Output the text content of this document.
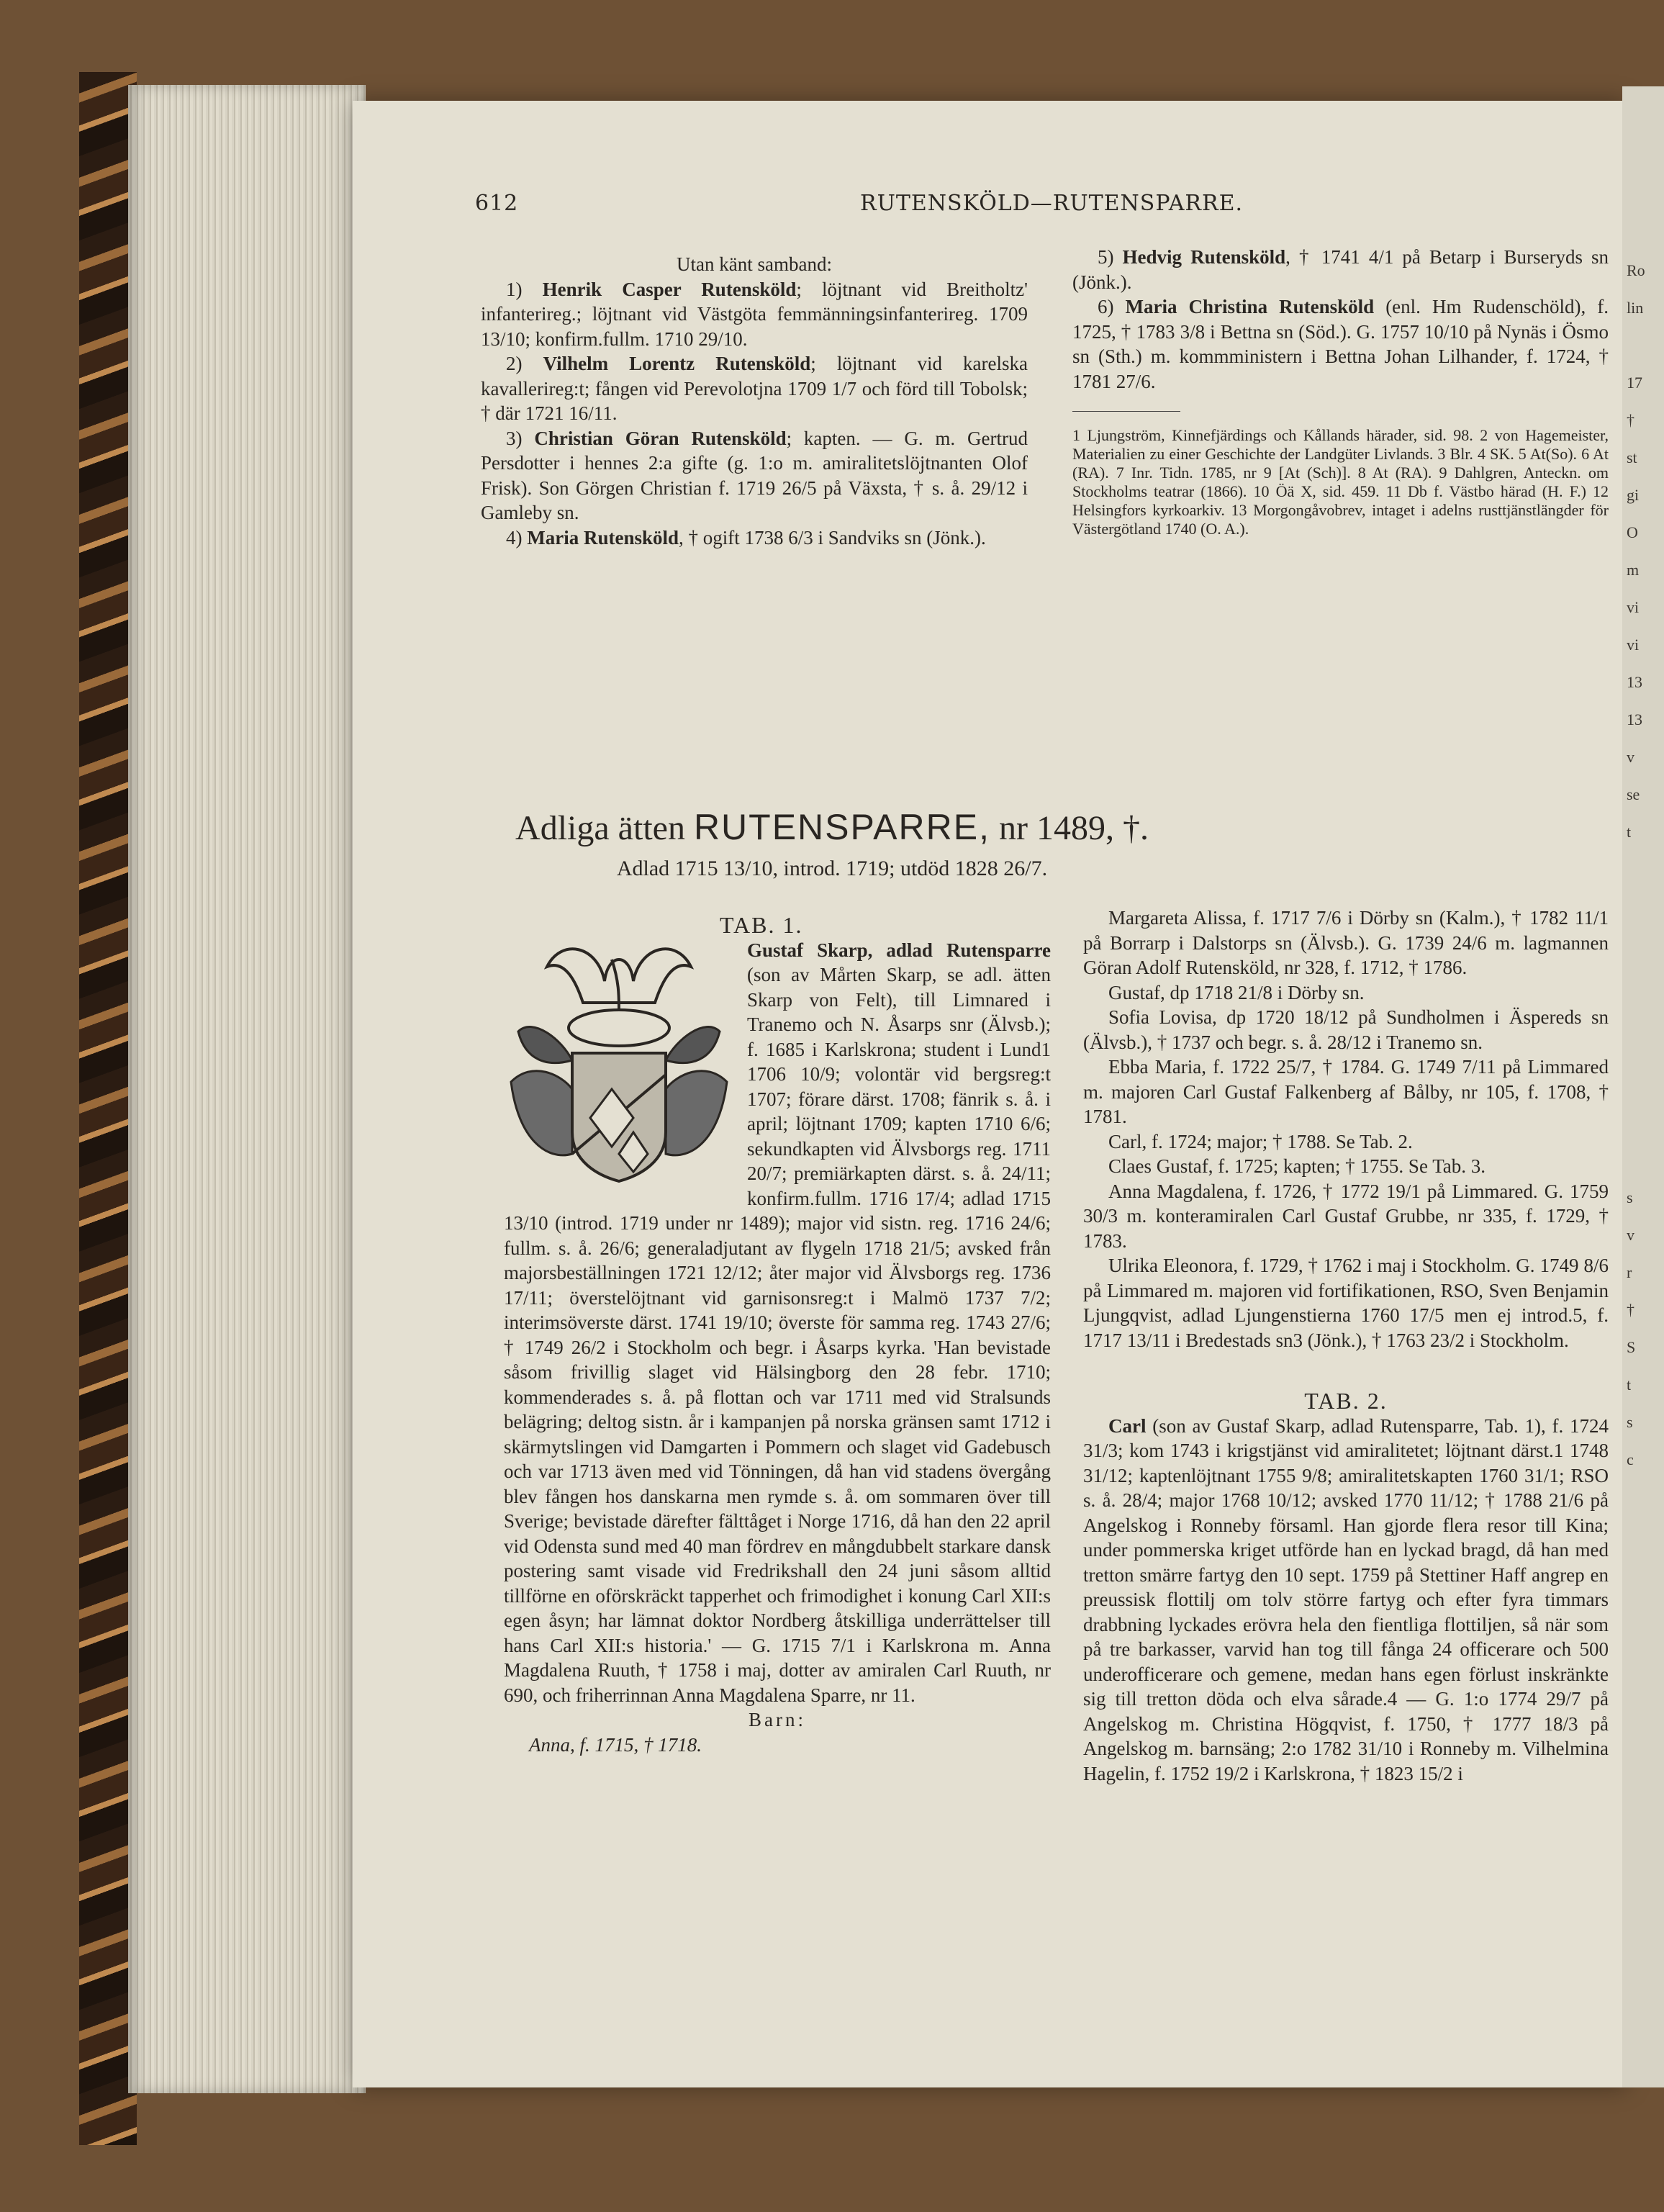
Ro
lin
17
†
st
gi
O
m
vi
vi
13
13
v
se
t
s
v
r
†
S
t
s
c
612	RUTENSKÖLD—RUTENSPARRE.

Utan känt samband:

1) Henrik Casper Rutensköld; löjtnant vid Breitholtz' infanterireg.; löjtnant vid Västgöta femmänningsinfanterireg. 1709 13/10; konfirm.fullm. 1710 29/10.

2) Vilhelm Lorentz Rutensköld; löjtnant vid karelska kavallerireg:t; fången vid Perevolotjna 1709 1/7 och förd till Tobolsk; † där 1721 16/11.

3) Christian Göran Rutensköld; kapten. — G. m. Gertrud Persdotter i hennes 2:a gifte (g. 1:o m. amiralitetslöjtnanten Olof Frisk). Son Görgen Christian f. 1719 26/5 på Växsta, † s. å. 29/12 i Gamleby sn.

4) Maria Rutensköld, † ogift 1738 6/3 i Sandviks sn (Jönk.).

5) Hedvig Rutensköld, † 1741 4/1 på Betarp i Burseryds sn (Jönk.).

6) Maria Christina Rutensköld (enl. Hm Rudenschöld), f. 1725, † 1783 3/8 i Bettna sn (Söd.). G. 1757 10/10 på Nynäs i Ösmo sn (Sth.) m. kommministern i Bettna Johan Lilhander, f. 1724, † 1781 27/6.

1 Ljungström, Kinnefjärdings och Kållands härader, sid. 98. 2 von Hagemeister, Materialien zu einer Geschichte der Landgüter Livlands. 3 Blr. 4 SK. 5 At(So). 6 At (RA). 7 Inr. Tidn. 1785, nr 9 [At (Sch)]. 8 At (RA). 9 Dahlgren, Anteckn. om Stockholms teatrar (1866). 10 Öä X, sid. 459. 11 Db f. Västbo härad (H. F.) 12 Helsingfors kyrkoarkiv. 13 Morgongåvobrev, intaget i adelns rusttjänstlängder för Västergötland 1740 (O. A.).

Adliga ätten RUTENSPARRE, nr 1489, †.
Adlad 1715 13/10, introd. 1719; utdöd 1828 26/7.

TAB. 1.

Gustaf Skarp, adlad Rutensparre (son av Mårten Skarp, se adl. ätten Skarp von Felt), till Limnared i Tranemo och N. Åsarps snr (Älvsb.); f. 1685 i Karlskrona; student i Lund1 1706 10/9; volontär vid bergsreg:t 1707; förare därst. 1708; fänrik s. å. i april; löjtnant 1709; kapten 1710 6/6; sekundkapten vid Älvsborgs reg. 1711 20/7; premiärkapten därst. s. å. 24/11; konfirm.fullm. 1716 17/4; adlad 1715 13/10 (introd. 1719 under nr 1489); major vid sistn. reg. 1716 24/6; fullm. s. å. 26/6; generaladjutant av flygeln 1718 21/5; avsked från majorsbeställningen 1721 12/12; åter major vid Älvsborgs reg. 1736 17/11; överstelöjtnant vid garnisonsreg:t i Malmö 1737 7/2; interimsöverste därst. 1741 19/10; överste för samma reg. 1743 27/6; † 1749 26/2 i Stockholm och begr. i Åsarps kyrka. 'Han bevistade såsom frivillig slaget vid Hälsingborg den 28 febr. 1710; kommenderades s. å. på flottan och var 1711 med vid Stralsunds belägring; deltog sistn. år i kampanjen på norska gränsen samt 1712 i skärmytslingen vid Damgarten i Pommern och slaget vid Gadebusch och var 1713 även med vid Tönningen, då han vid stadens övergång blev fången hos danskarna men rymde s. å. om sommaren över till Sverige; bevistade därefter fälttåget i Norge 1716, då han den 22 april vid Odensta sund med 40 man fördrev en mångdubbelt starkare dansk postering samt visade vid Fredrikshall den 24 juni såsom alltid tillförne en oförskräckt tapperhet och frimodighet i konung Carl XII:s egen åsyn; har lämnat doktor Nordberg åtskilliga underrättelser till hans Carl XII:s historia.' — G. 1715 7/1 i Karlskrona m. Anna Magdalena Ruuth, † 1758 i maj, dotter av amiralen Carl Ruuth, nr 690, och friherrinnan Anna Magdalena Sparre, nr 11.

Barn:

Anna, f. 1715, † 1718.

Margareta Alissa, f. 1717 7/6 i Dörby sn (Kalm.), † 1782 11/1 på Borrarp i Dalstorps sn (Älvsb.). G. 1739 24/6 m. lagmannen Göran Adolf Rutensköld, nr 328, f. 1712, † 1786.

Gustaf, dp 1718 21/8 i Dörby sn.

Sofia Lovisa, dp 1720 18/12 på Sundholmen i Äspereds sn (Älvsb.), † 1737 och begr. s. å. 28/12 i Tranemo sn.

Ebba Maria, f. 1722 25/7, † 1784. G. 1749 7/11 på Limmared m. majoren Carl Gustaf Falkenberg af Bålby, nr 105, f. 1708, † 1781.

Carl, f. 1724; major; † 1788. Se Tab. 2.

Claes Gustaf, f. 1725; kapten; † 1755. Se Tab. 3.

Anna Magdalena, f. 1726, † 1772 19/1 på Limmared. G. 1759 30/3 m. konteramiralen Carl Gustaf Grubbe, nr 335, f. 1729, † 1783.

Ulrika Eleonora, f. 1729, † 1762 i maj i Stockholm. G. 1749 8/6 på Limmared m. majoren vid fortifikationen, RSO, Sven Benjamin Ljungqvist, adlad Ljungenstierna 1760 17/5 men ej introd.5, f. 1717 13/11 i Bredestads sn3 (Jönk.), † 1763 23/2 i Stockholm.

TAB. 2.

Carl (son av Gustaf Skarp, adlad Rutensparre, Tab. 1), f. 1724 31/3; kom 1743 i krigstjänst vid amiralitetet; löjtnant därst.1 1748 31/12; kaptenlöjtnant 1755 9/8; amiralitetskapten 1760 31/1; RSO s. å. 28/4; major 1768 10/12; avsked 1770 11/12; † 1788 21/6 på Angelskog i Ronneby församl. Han gjorde flera resor till Kina; under pommerska kriget utförde han en lyckad bragd, då han med tretton smärre fartyg den 10 sept. 1759 på Stettiner Haff angrep en preussisk flottilj om tolv större fartyg och efter fyra timmars drabbning lyckades erövra hela den fientliga flottiljen, så när som på tre barkasser, varvid han tog till fånga 24 officerare och 500 underofficerare och gemene, medan hans egen förlust inskränkte sig till tretton döda och elva sårade.4 — G. 1:o 1774 29/7 på Angelskog m. Christina Högqvist, f. 1750, † 1777 18/3 på Angelskog m. barnsäng; 2:o 1782 31/10 i Ronneby m. Vilhelmina Hagelin, f. 1752 19/2 i Karlskrona, † 1823 15/2 i
